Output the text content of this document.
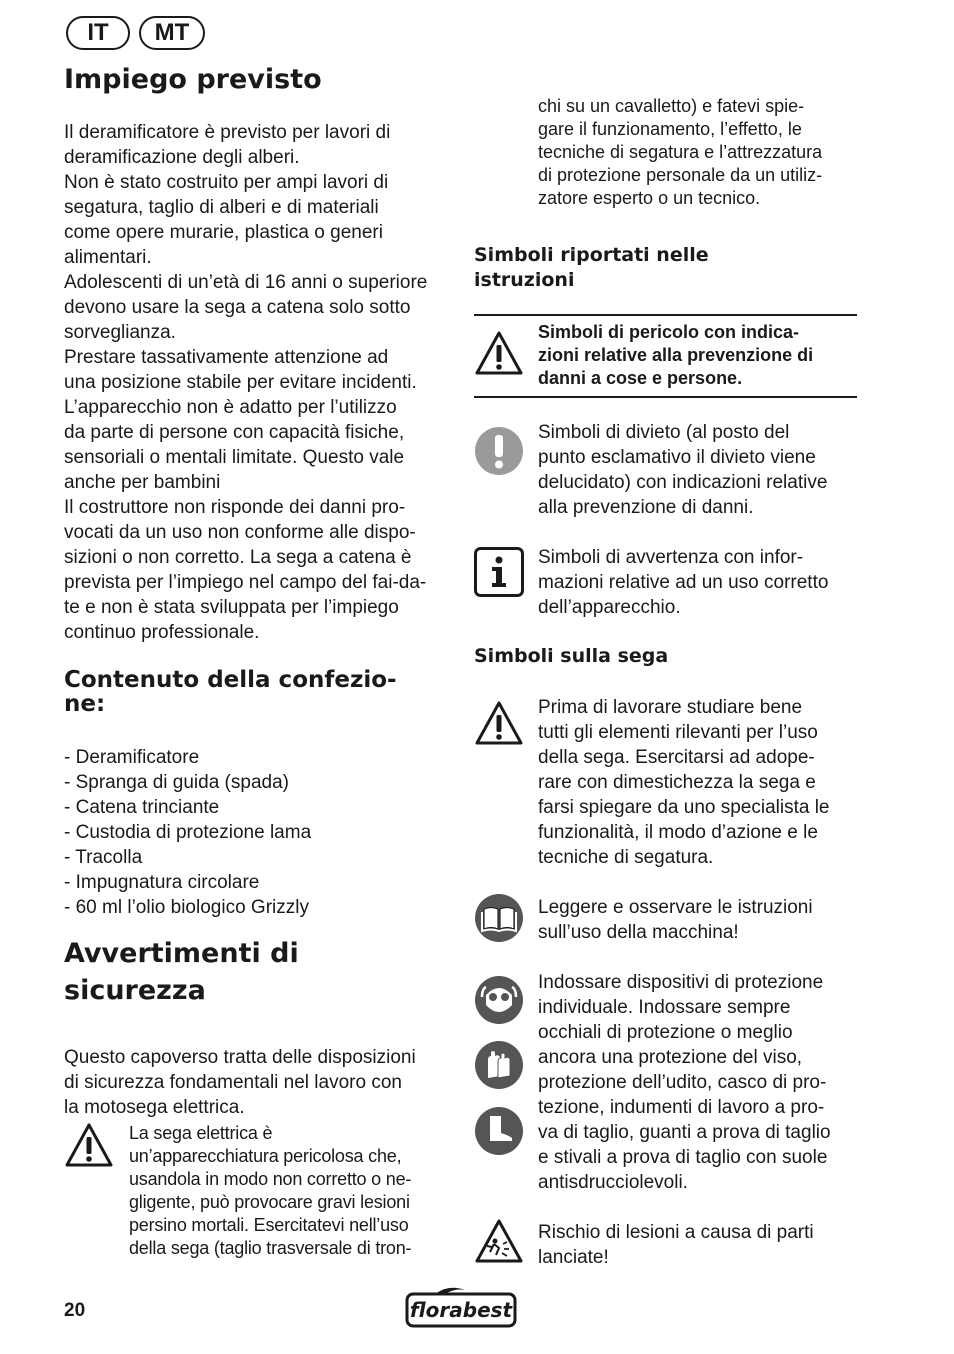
IT	MT
Impiego previsto
Il deramificatore è previsto per lavori di
deramificazione degli alberi.
Non è stato costruito per ampi lavori di
segatura, taglio di alberi e di materiali
come opere murarie, plastica o generi
alimentari.
Adolescenti di un’età di 16 anni o superiore
devono usare la sega a catena solo sotto
sorveglianza.
Prestare tassativamente attenzione ad
una posizione stabile per evitare incidenti.
L’apparecchio non è adatto per l’utilizzo
da parte di persone con capacità fisiche,
sensoriali o mentali limitate. Questo vale
anche per bambini
Il costruttore non risponde dei danni pro-
vocati da un uso non conforme alle dispo-
sizioni o non corretto. La sega a catena è
prevista per l’impiego nel campo del fai-da-
te e non è stata sviluppata per l’impiego
continuo professionale.
Contenuto della confezio-
ne:
- Deramificatore
- Spranga di guida (spada)
- Catena trinciante
- Custodia di protezione lama
- Tracolla
- Impugnatura circolare
- 60 ml l’olio biologico Grizzly
Avvertimenti di
sicurezza
Questo capoverso tratta delle disposizioni
di sicurezza fondamentali nel lavoro con
la motosega elettrica.
La sega elettrica è
un’apparecchiatura pericolosa che,
usandola in modo non corretto o ne-
gligente, può provocare gravi lesioni
persino mortali. Esercitatevi nell’uso
della sega (taglio trasversale di tron-
chi su un cavalletto) e fatevi spie-
gare il funzionamento, l’effetto, le
tecniche di segatura e l’attrezzatura
di protezione personale da un utiliz-
zatore esperto o un tecnico.
Simboli riportati nelle
istruzioni
Simboli di pericolo con indica-
zioni relative alla prevenzione di
danni a cose e persone.
Simboli di divieto (al posto del
punto esclamativo il divieto viene
delucidato) con indicazioni relative
alla prevenzione di danni.
Simboli di avvertenza con infor-
mazioni relative ad un uso corretto
dell’apparecchio.
Simboli sulla sega
Prima di lavorare studiare bene
tutti gli elementi rilevanti per l’uso
della sega. Esercitarsi ad adope-
rare con dimestichezza la sega e
farsi spiegare da uno specialista le
funzionalità, il modo d’azione e le
tecniche di segatura.
Leggere e osservare le istruzioni
sull’uso della macchina!
Indossare dispositivi di protezione
individuale. Indossare sempre
occhiali di protezione o meglio
ancora una protezione del viso,
protezione dell’udito, casco di pro-
tezione, indumenti di lavoro a pro-
va di taglio, guanti a prova di taglio
e stivali a prova di taglio con suole
antisdrucciolevoli.
Rischio di lesioni a causa di parti
lanciate!
20	florabest
